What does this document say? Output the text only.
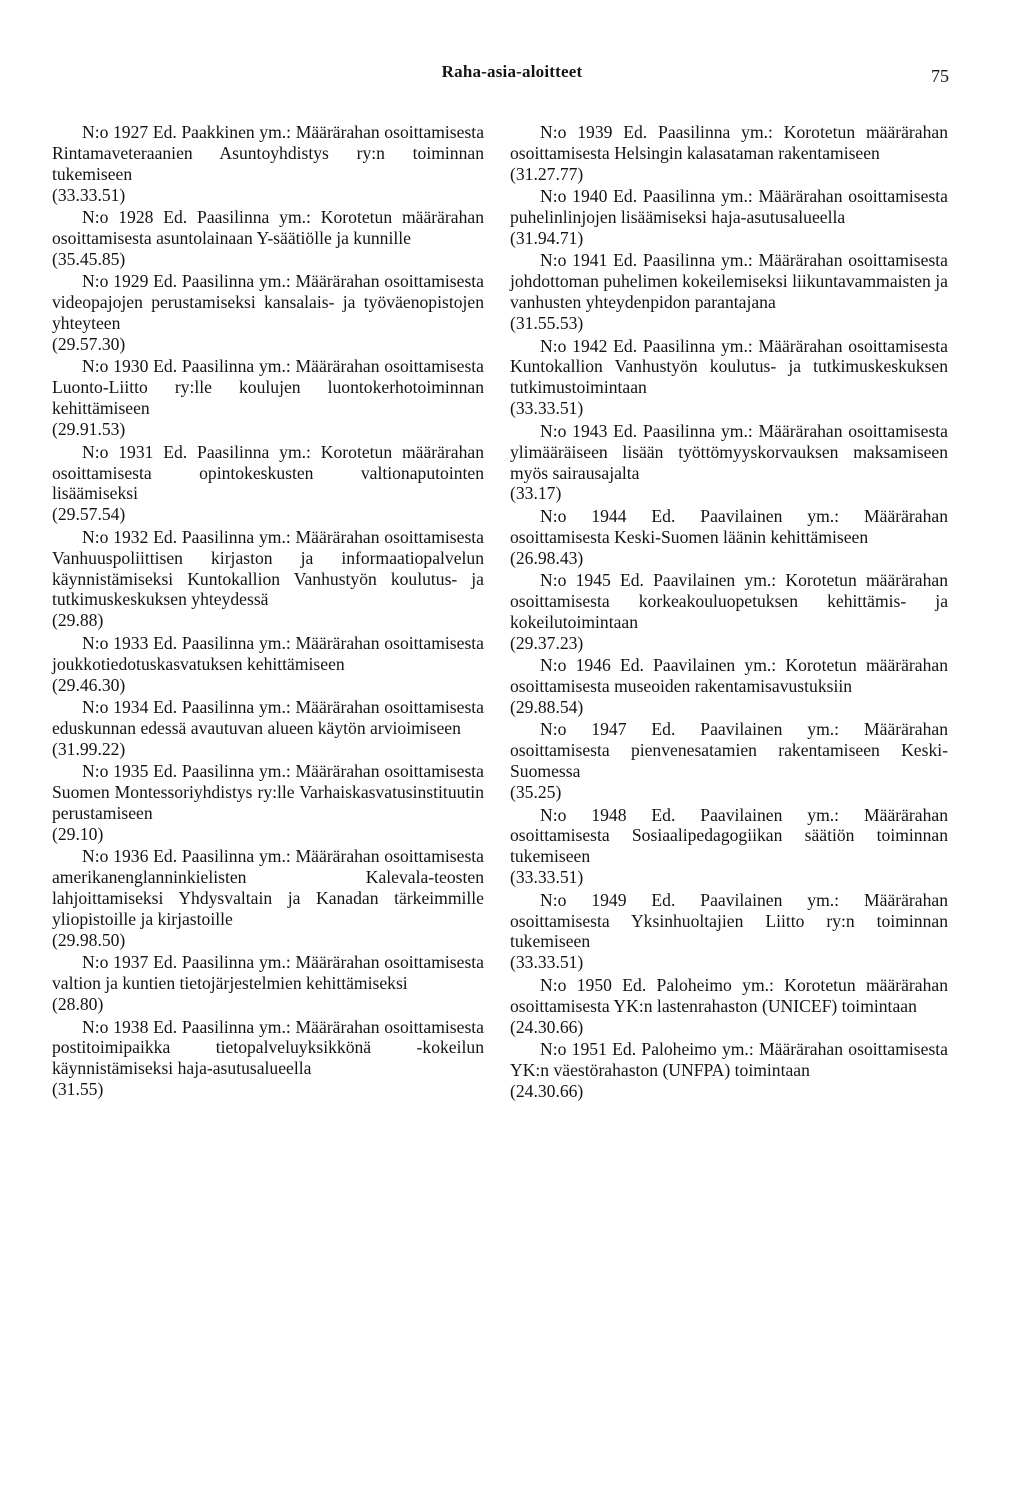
Raha-asia-aloitteet	75

N:o 1927 Ed. Paakkinen ym.: Määrärahan osoittamisesta Rintamaveteraanien Asuntoyhdistys ry:n toiminnan tukemiseen

(33.33.51)

N:o 1928 Ed. Paasilinna ym.: Korotetun määrärahan osoittamisesta asuntolainaan Y-säätiölle ja kunnille

(35.45.85)

N:o 1929 Ed. Paasilinna ym.: Määrärahan osoittamisesta videopajojen perustamiseksi kansalais- ja työväenopistojen yhteyteen

(29.57.30)

N:o 1930 Ed. Paasilinna ym.: Määrärahan osoittamisesta Luonto-Liitto ry:lle koulujen luontokerhotoiminnan kehittämiseen

(29.91.53)

N:o 1931 Ed. Paasilinna ym.: Korotetun määrärahan osoittamisesta opintokeskusten valtionaputointen lisäämiseksi

(29.57.54)

N:o 1932 Ed. Paasilinna ym.: Määrärahan osoittamisesta Vanhuuspoliittisen kirjaston ja informaatiopalvelun käynnistämiseksi Kuntokallion Vanhustyön koulutus- ja tutkimuskeskuksen yhteydessä

(29.88)

N:o 1933 Ed. Paasilinna ym.: Määrärahan osoittamisesta joukkotiedotuskasvatuksen kehittämiseen

(29.46.30)

N:o 1934 Ed. Paasilinna ym.: Määrärahan osoittamisesta eduskunnan edessä avautuvan alueen käytön arvioimiseen

(31.99.22)

N:o 1935 Ed. Paasilinna ym.: Määrärahan osoittamisesta Suomen Montessoriyhdistys ry:lle Varhaiskasvatusinstituutin perustamiseen

(29.10)

N:o 1936 Ed. Paasilinna ym.: Määrärahan osoittamisesta amerikanenglanninkielisten Kalevala-teosten lahjoittamiseksi Yhdysvaltain ja Kanadan tärkeimmille yliopistoille ja kirjastoille

(29.98.50)

N:o 1937 Ed. Paasilinna ym.: Määrärahan osoittamisesta valtion ja kuntien tietojärjestelmien kehittämiseksi

(28.80)

N:o 1938 Ed. Paasilinna ym.: Määrärahan osoittamisesta postitoimipaikka tietopalveluyksikkönä -kokeilun käynnistämiseksi haja-asutusalueella

(31.55)

N:o 1939 Ed. Paasilinna ym.: Korotetun määrärahan osoittamisesta Helsingin kalasataman rakentamiseen

(31.27.77)

N:o 1940 Ed. Paasilinna ym.: Määrärahan osoittamisesta puhelinlinjojen lisäämiseksi haja-asutusalueella

(31.94.71)

N:o 1941 Ed. Paasilinna ym.: Määrärahan osoittamisesta johdottoman puhelimen kokeilemiseksi liikuntavammaisten ja vanhusten yhteydenpidon parantajana

(31.55.53)

N:o 1942 Ed. Paasilinna ym.: Määrärahan osoittamisesta Kuntokallion Vanhustyön koulutus- ja tutkimuskeskuksen tutkimustoimintaan

(33.33.51)

N:o 1943 Ed. Paasilinna ym.: Määrärahan osoittamisesta ylimääräiseen lisään työttömyyskorvauksen maksamiseen myös sairausajalta

(33.17)

N:o 1944 Ed. Paavilainen ym.: Määrärahan osoittamisesta Keski-Suomen läänin kehittämiseen

(26.98.43)

N:o 1945 Ed. Paavilainen ym.: Korotetun määrärahan osoittamisesta korkeakouluopetuksen kehittämis- ja kokeilutoimintaan

(29.37.23)

N:o 1946 Ed. Paavilainen ym.: Korotetun määrärahan osoittamisesta museoiden rakentamisavustuksiin

(29.88.54)

N:o 1947 Ed. Paavilainen ym.: Määrärahan osoittamisesta pienvenesatamien rakentamiseen Keski-Suomessa

(35.25)

N:o 1948 Ed. Paavilainen ym.: Määrärahan osoittamisesta Sosiaalipedagogiikan säätiön toiminnan tukemiseen

(33.33.51)

N:o 1949 Ed. Paavilainen ym.: Määrärahan osoittamisesta Yksinhuoltajien Liitto ry:n toiminnan tukemiseen

(33.33.51)

N:o 1950 Ed. Paloheimo ym.: Korotetun määrärahan osoittamisesta YK:n lastenrahaston (UNICEF) toimintaan

(24.30.66)

N:o 1951 Ed. Paloheimo ym.: Määrärahan osoittamisesta YK:n väestörahaston (UNFPA) toimintaan

(24.30.66)
